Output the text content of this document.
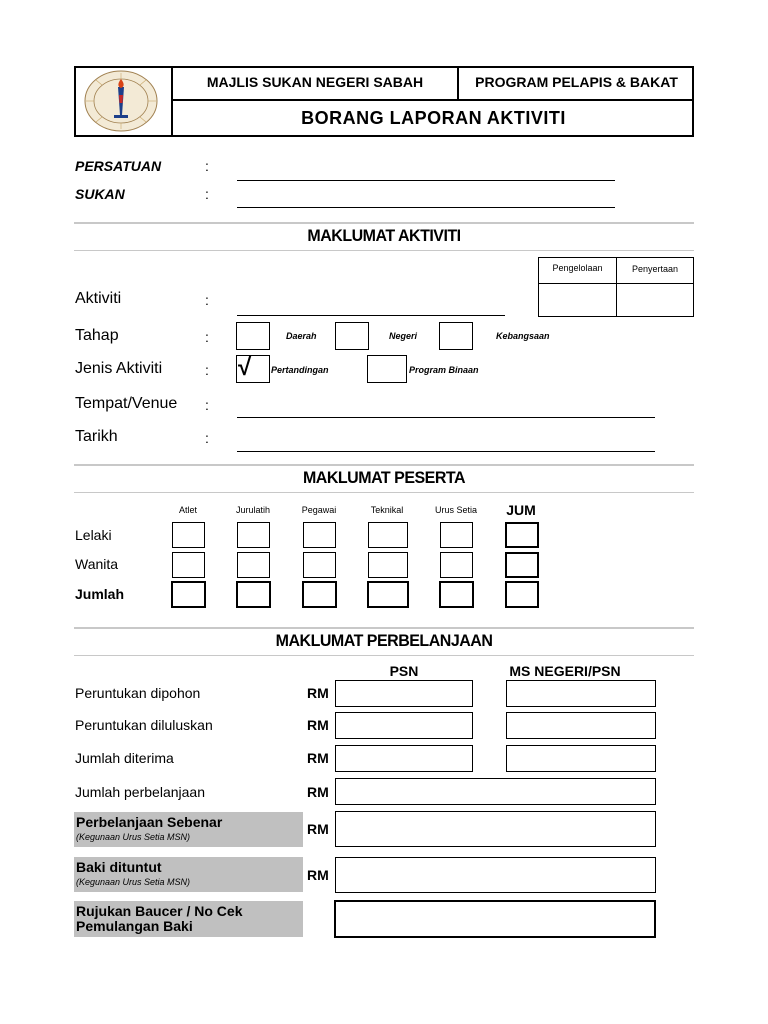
MAJLIS SUKAN NEGERI SABAH	PROGRAM PELAPIS & BAKAT
BORANG LAPORAN AKTIVITI
PERSATUAN	:
SUKAN	:
MAKLUMAT AKTIVITI
Pengelolaan	Penyertaan
Aktiviti	:
Tahap	:	Daerah	Negeri	Kebangsaan
Jenis Aktiviti	: √ Pertandingan	Program Binaan
Tempat/Venue :
Tarikh	:
MAKLUMAT PESERTA
Atlet	Jurulatih	Pegawai	Teknikal	Urus Setia	JUM
Lelaki
Wanita
Jumlah
MAKLUMAT PERBELANJAAN
PSN	MS NEGERI/PSN
Peruntukan dipohon	RM
Peruntukan diluluskan	RM
Jumlah diterima	RM
Jumlah perbelanjaan	RM
Perbelanjaan Sebenar
(Kegunaan Urus Setia MSN)	RM
Baki dituntut
(Kegunaan Urus Setia MSN)	RM
Rujukan Baucer / No Cek
Pemulangan Baki
